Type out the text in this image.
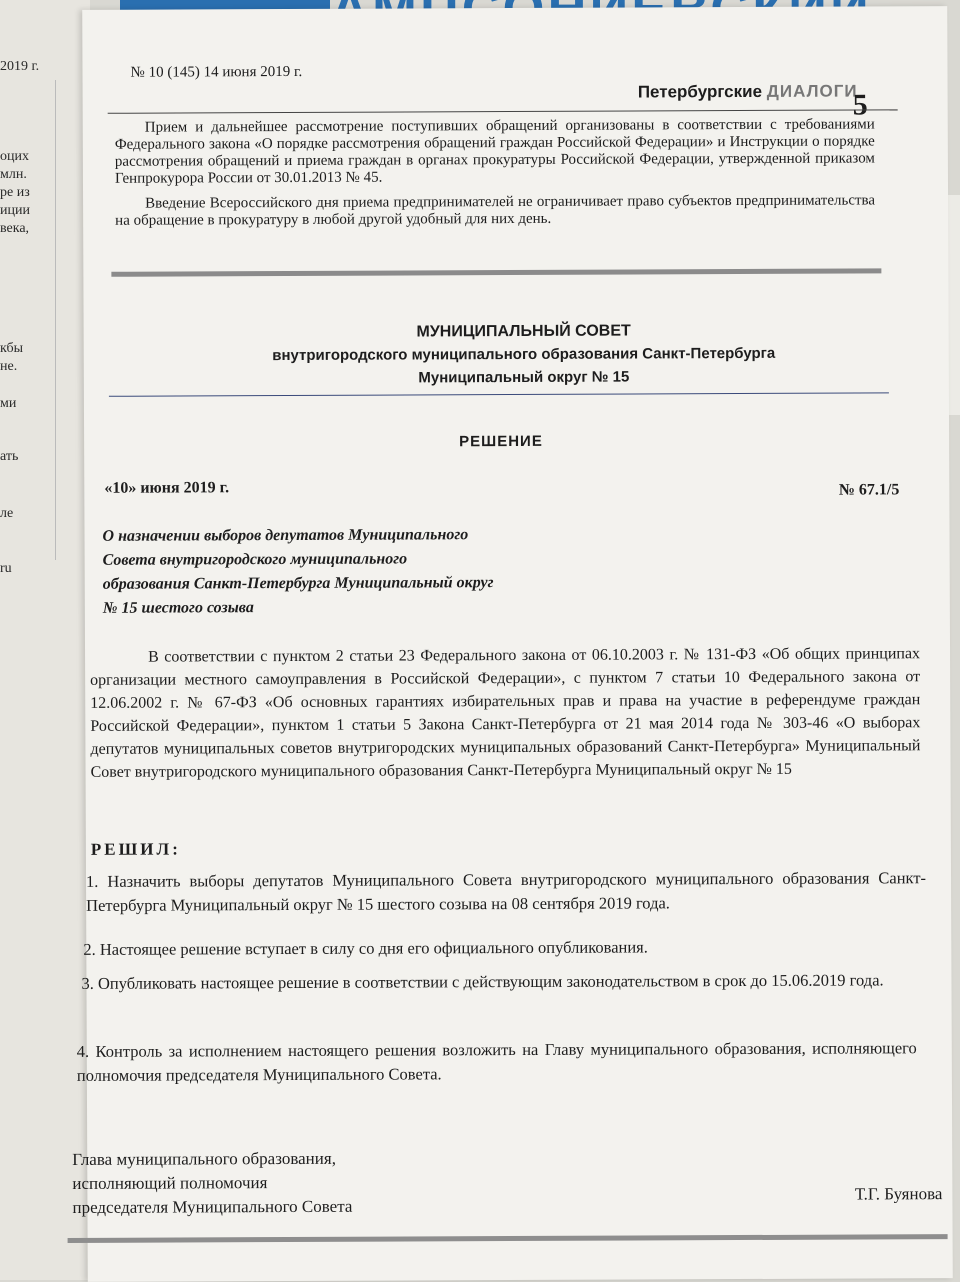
2019 г.
оцих
млн.
ре из
иции
века,
кбы
не.
ми
ать
ле
ru
№ 10 (145) 14 июня 2019 г.
Петербургские ДИАЛОГИ
5

Прием и дальнейшее рассмотрение поступивших обращений организованы в соответствии с требованиями Федерального закона «О порядке рассмотрения обращений граждан Российской Федерации» и Инструкции о порядке рассмотрения обращений и приема граждан в органах прокуратуры Российской Федерации, утвержденной приказом Генпрокурора России от 30.01.2013 № 45.

Введение Всероссийского дня приема предпринимателей не ограничивает право субъектов предпринимательства на обращение в прокуратуру в любой другой удобный для них день.

МУНИЦИПАЛЬНЫЙ СОВЕТ
внутригородского муниципального образования Санкт-Петербурга
Муниципальный округ № 15
РЕШЕНИЕ
«10» июня 2019 г.	№ 67.1/5
О назначении выборов депутатов Муниципального
Совета внутригородского муниципального
образования Санкт-Петербурга Муниципальный округ
№ 15 шестого созыва
В соответствии с пунктом 2 статьи 23 Федерального закона от 06.10.2003 г. № 131-ФЗ «Об общих принципах организации местного самоуправления в Российской Федерации», с пунктом 7 статьи 10 Федерального закона от 12.06.2002 г. № 67-ФЗ «Об основных гарантиях избирательных прав и права на участие в референдуме граждан Российской Федерации», пунктом 1 статьи 5 Закона Санкт-Петербурга от 21 мая 2014 года № 303-46 «О выборах депутатов муниципальных советов внутригородских муниципальных образований Санкт-Петербурга» Муниципальный Совет внутригородского муниципального образования Санкт-Петербурга Муниципальный округ № 15
РЕШИЛ:
1. Назначить выборы депутатов Муниципального Совета внутригородского муниципального образования Санкт-Петербурга Муниципальный округ № 15 шестого созыва на 08 сентября 2019 года.
2. Настоящее решение вступает в силу со дня его официального опубликования.
3. Опубликовать настоящее решение в соответствии с действующим законодательством в срок до 15.06.2019 года.
4. Контроль за исполнением настоящего решения возложить на Главу муниципального образования, исполняющего полномочия председателя Муниципального Совета.
Глава муниципального образования,
исполняющий полномочия
председателя Муниципального Совета
Т.Г. Буянова
